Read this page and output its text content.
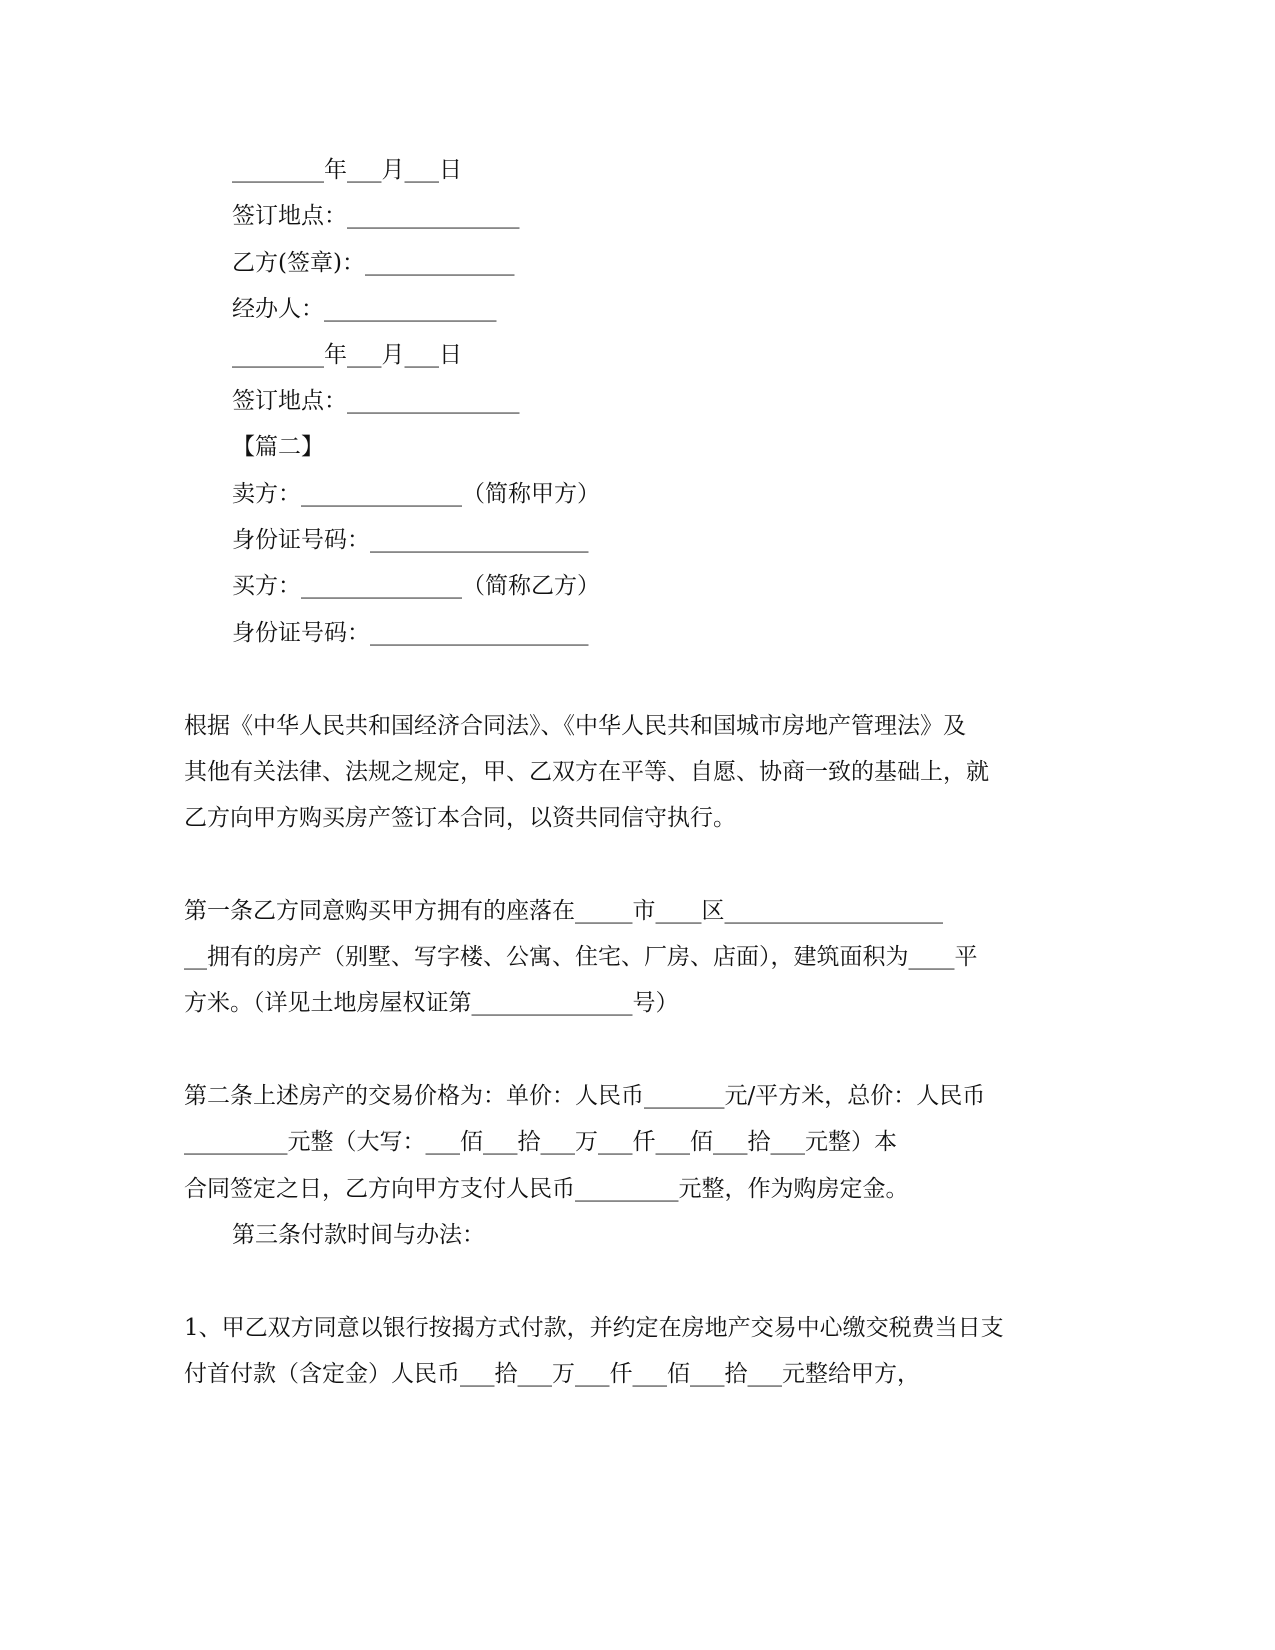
________年___月___日
签订地点：_______________
乙方(签章)：_____________
经办人：_______________
________年___月___日
签订地点：_______________
【篇二】
卖方：______________（简称甲方）
身份证号码：___________________
买方：______________（简称乙方）
身份证号码：___________________
根据《中华人民共和国经济合同法》、《中华人民共和国城市房地产管理法》及
其他有关法律、法规之规定，甲、乙双方在平等、自愿、协商一致的基础上，就
乙方向甲方购买房产签订本合同，以资共同信守执行。
第一条乙方同意购买甲方拥有的座落在_____市____区___________________
__拥有的房产（别墅、写字楼、公寓、住宅、厂房、店面），建筑面积为____平
方米。（详见土地房屋权证第______________号）
第二条上述房产的交易价格为：单价：人民币_______元/平方米，总价：人民币
_________元整（大写：___佰___拾___万___仟___佰___拾___元整）本
合同签定之日，乙方向甲方支付人民币_________元整，作为购房定金。
第三条付款时间与办法：
1、甲乙双方同意以银行按揭方式付款，并约定在房地产交易中心缴交税费当日支
付首付款（含定金）人民币___拾___万___仟___佰___拾___元整给甲方，
